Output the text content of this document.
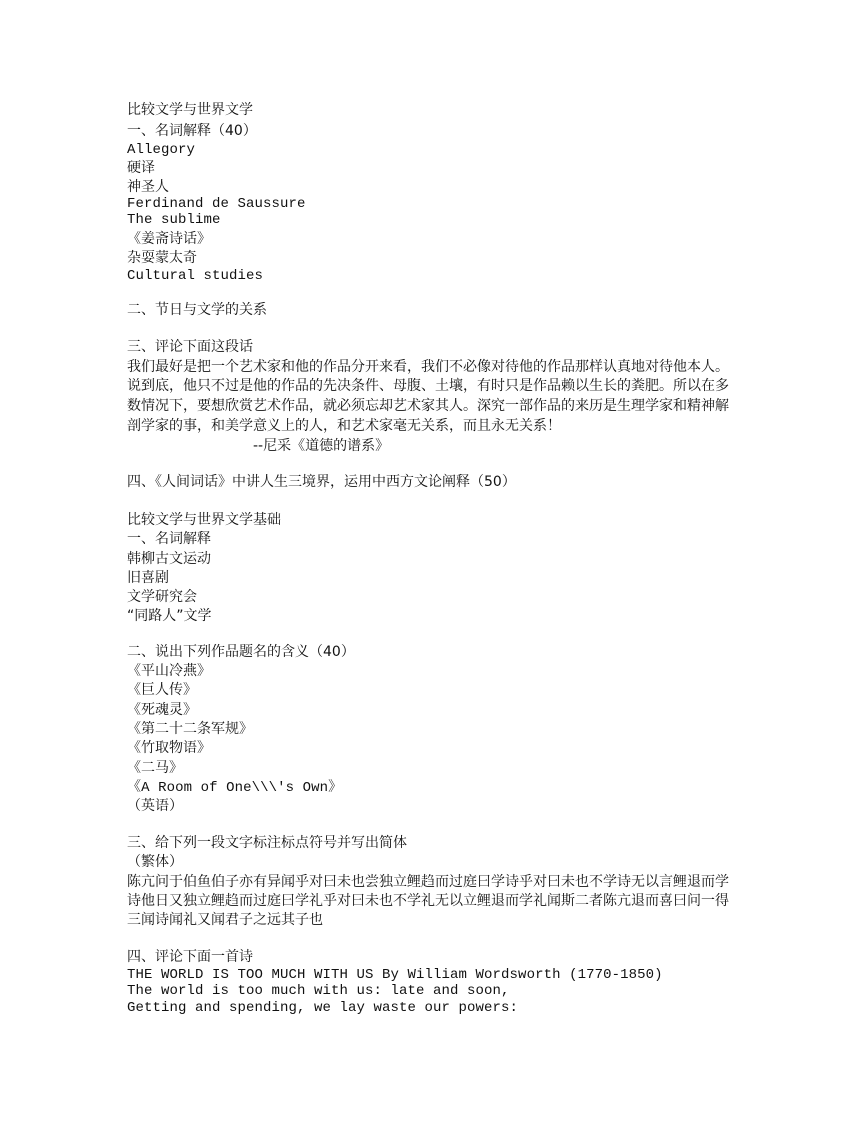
比较文学与世界文学
一、名词解释（40）
Allegory
硬译
神圣人
Ferdinand de Saussure
The sublime
《姜斋诗话》
杂耍蒙太奇
Cultural studies
二、节日与文学的关系
三、评论下面这段话
我们最好是把一个艺术家和他的作品分开来看，我们不必像对待他的作品那样认真地对待他本人。
说到底，他只不过是他的作品的先决条件、母腹、土壤，有时只是作品赖以生长的粪肥。所以在多
数情况下，要想欣赏艺术作品，就必须忘却艺术家其人。深究一部作品的来历是生理学家和精神解
剖学家的事，和美学意义上的人，和艺术家毫无关系，而且永无关系！
--尼采《道德的谱系》
四、《人间词话》中讲人生三境界，运用中西方文论阐释（50）
比较文学与世界文学基础
一、名词解释
韩柳古文运动
旧喜剧
文学研究会
“同路人”文学
二、说出下列作品题名的含义（40）
《平山冷燕》
《巨人传》
《死魂灵》
《第二十二条军规》
《竹取物语》
《二马》
《A Room of One\\\'s Own》
（英语）
三、给下列一段文字标注标点符号并写出简体
（繁体）
陈亢问于伯鱼伯子亦有异闻乎对曰未也尝独立鲤趋而过庭曰学诗乎对曰未也不学诗无以言鲤退而学
诗他日又独立鲤趋而过庭曰学礼乎对曰未也不学礼无以立鲤退而学礼闻斯二者陈亢退而喜曰问一得
三闻诗闻礼又闻君子之远其子也
四、评论下面一首诗
THE WORLD IS TOO MUCH WITH US By William Wordsworth (1770-1850)
The world is too much with us: late and soon,
Getting and spending, we lay waste our powers:
